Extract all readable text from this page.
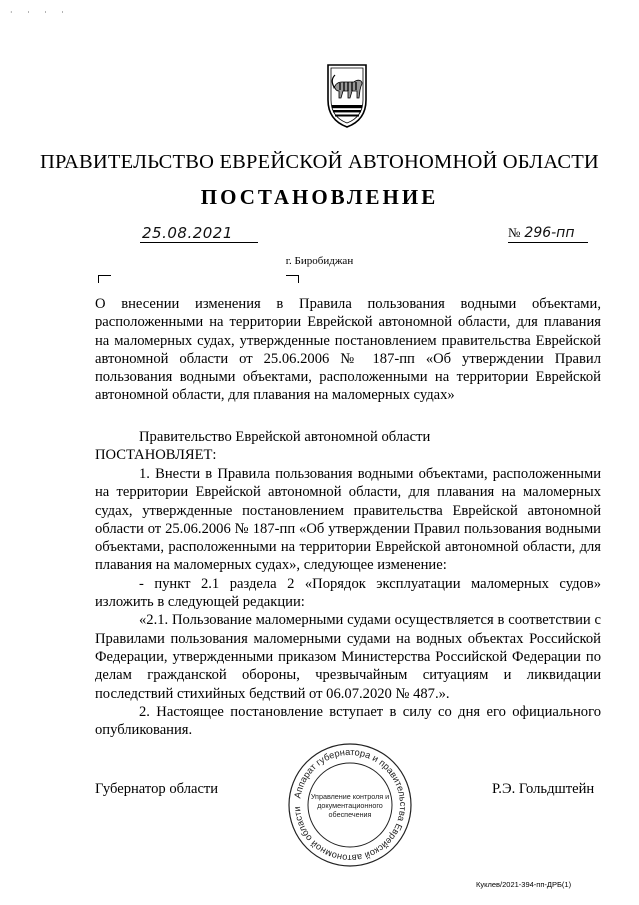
· · · ·
ПРАВИТЕЛЬСТВО ЕВРЕЙСКОЙ АВТОНОМНОЙ ОБЛАСТИ
ПОСТАНОВЛЕНИЕ
25.08.2021	№ 296-пп
г. Биробиджан

О внесении изменения в Правила пользования водными объектами, расположенными на территории Еврейской автономной области, для плавания на маломерных судах, утвержденные постановлением правительства Еврейской автономной области от 25.06.2006 № 187-пп «Об утверждении Правил пользования водными объектами, расположенными на территории Еврейской автономной области, для плавания на маломерных судах»

Правительство Еврейской автономной области

ПОСТАНОВЛЯЕТ:

1. Внести в Правила пользования водными объектами, расположенными на территории Еврейской автономной области, для плавания на маломерных судах, утвержденные постановлением правительства Еврейской автономной области от 25.06.2006 № 187-пп «Об утверждении Правил пользования водными объектами, расположенными на территории Еврейской автономной области, для плавания на маломерных судах», следующее изменение:

- пункт 2.1 раздела 2 «Порядок эксплуатации маломерных судов» изложить в следующей редакции:

«2.1. Пользование маломерными судами осуществляется в соответствии с Правилами пользования маломерными судами на водных объектах Российской Федерации, утвержденными приказом Министерства Российской Федерации по делам гражданской обороны, чрезвычайным ситуациям и ликвидации последствий стихийных бедствий от 06.07.2020 № 487.».

2. Настоящее постановление вступает в силу со дня его официального опубликования.

Губернатор области	Р.Э. Гольдштейн
Аппарат губернатора и правительства Еврейской автономной области
Управление контроля и
документационного
обеспечения
Куклев/2021-394-пп-ДРБ(1)
